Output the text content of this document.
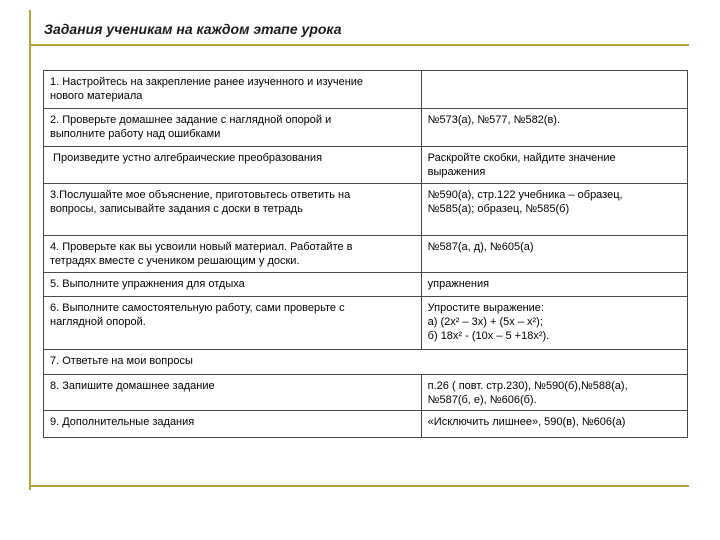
Задания ученикам на каждом этапе урока
1. Настройтесь на закрепление ранее изученного и изучение
нового материала	

2. Проверьте домашнее задание с наглядной опорой и
выполните работу над ошибками	№573(а), №577, №582(в).

Произведите устно алгебраические преобразования	Раскройте скобки, найдите значение
выражения

3.Послушайте мое объяснение, приготовьтесь ответить на
вопросы, записывайте задания с доски в тетрадь	№590(а), стр.122 учебника – образец,
№585(а); образец, №585(б)

4. Проверьте как вы усвоили новый материал. Работайте в
тетрадях вместе с учеником решающим у доски.	№587(а, д), №605(а)

5. Выполните упражнения для отдыха	упражнения

6. Выполните самостоятельную работу, сами проверьте с
наглядной опорой.	Упростите выражение:
а) (2х² – 3х) + (5х – х²);
б) 18х² - (10х – 5 +18х²).

7. Ответьте на мои вопросы	

8. Запишите домашнее задание	п.26 ( повт. стр.230), №590(б),№588(а),
№587(б, е), №606(б).

9. Дополнительные задания	«Исключить лишнее», 590(в), №606(а)
